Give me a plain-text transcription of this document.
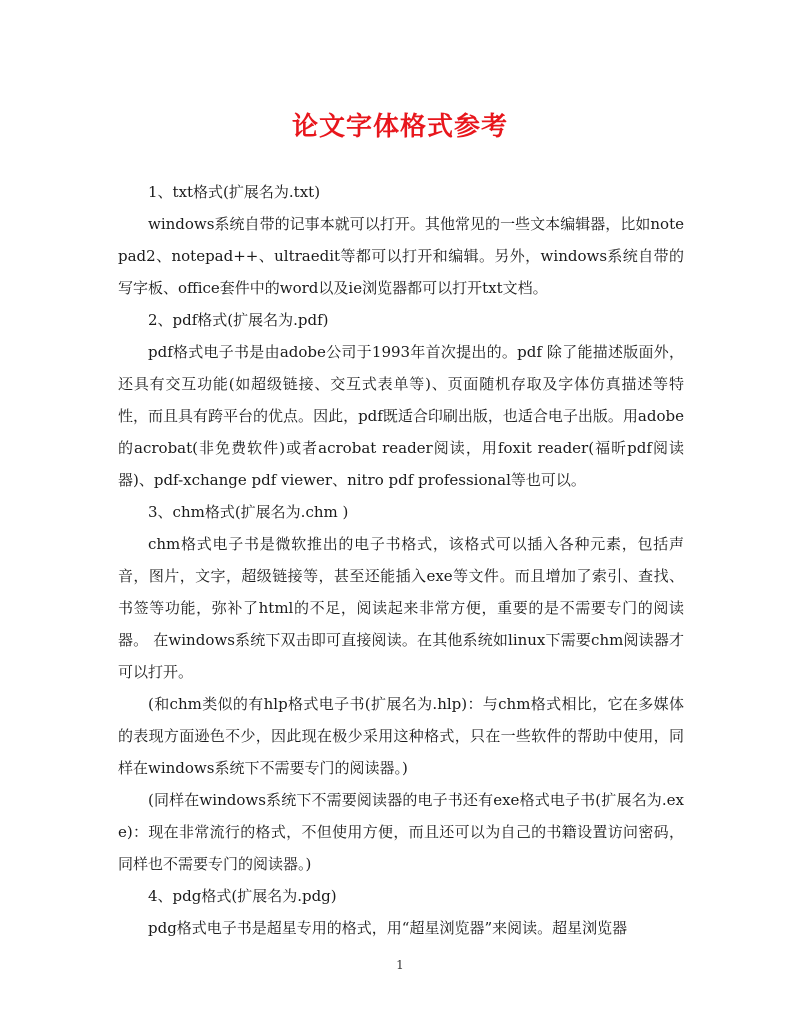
论文字体格式参考

1、txt格式(扩展名为.txt)

windows系统自带的记事本就可以打开。其他常见的一些文本编辑器，比如notepad2、notepad++、ultraedit等都可以打开和编辑。另外，windows系统自带的写字板、office套件中的word以及ie浏览器都可以打开txt文档。

2、pdf格式(扩展名为.pdf)

pdf格式电子书是由adobe公司于1993年首次提出的。pdf 除了能描述版面外，还具有交互功能(如超级链接、交互式表单等)、页面随机存取及字体仿真描述等特性，而且具有跨平台的优点。因此，pdf既适合印刷出版，也适合电子出版。用adobe的acrobat(非免费软件)或者acrobat reader阅读，用foxit reader(福昕pdf阅读器)、pdf-xchange pdf viewer、nitro pdf professional等也可以。

3、chm格式(扩展名为.chm )

chm格式电子书是微软推出的电子书格式，该格式可以插入各种元素，包括声音，图片，文字，超级链接等，甚至还能插入exe等文件。而且增加了索引、查找、书签等功能，弥补了html的不足，阅读起来非常方便，重要的是不需要专门的阅读器。 在windows系统下双击即可直接阅读。在其他系统如linux下需要chm阅读器才可以打开。

(和chm类似的有hlp格式电子书(扩展名为.hlp)：与chm格式相比，它在多媒体的表现方面逊色不少，因此现在极少采用这种格式，只在一些软件的帮助中使用，同样在windows系统下不需要专门的阅读器。)

(同样在windows系统下不需要阅读器的电子书还有exe格式电子书(扩展名为.exe)：现在非常流行的格式，不但使用方便，而且还可以为自己的书籍设置访问密码，同样也不需要专门的阅读器。)

4、pdg格式(扩展名为.pdg)

pdg格式电子书是超星专用的格式，用“超星浏览器”来阅读。超星浏览器

1
